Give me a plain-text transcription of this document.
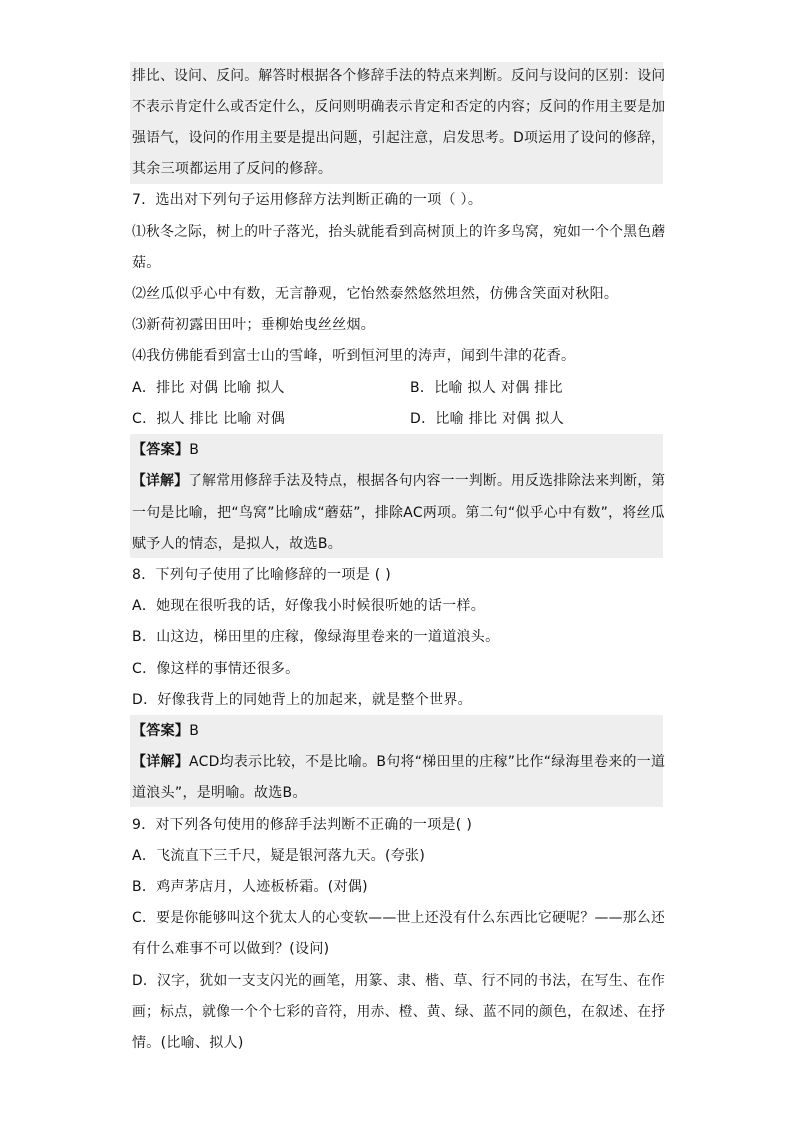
排比、设问、反问。解答时根据各个修辞手法的特点来判断。反问与设问的区别：设问
不表示肯定什么或否定什么，反问则明确表示肯定和否定的内容；反问的作用主要是加
强语气，设问的作用主要是提出问题，引起注意，启发思考。D项运用了设问的修辞，
其余三项都运用了反问的修辞。
7．选出对下列句子运用修辞方法判断正确的一项（ ）。
⑴秋冬之际，树上的叶子落光，抬头就能看到高树顶上的许多鸟窝，宛如一个个黑色蘑
菇。
⑵丝瓜似乎心中有数，无言静观，它怡然泰然悠然坦然，仿佛含笑面对秋阳。
⑶新荷初露田田叶；垂柳始曳丝丝烟。
⑷我仿佛能看到富士山的雪峰，听到恒河里的涛声，闻到牛津的花香。
A．排比 对偶 比喻 拟人	B．比喻 拟人 对偶 排比
C．拟人 排比 比喻 对偶	D．比喻 排比 对偶 拟人
【答案】B
【详解】了解常用修辞手法及特点，根据各句内容一一判断。用反选排除法来判断，第
一句是比喻，把“鸟窝”比喻成“蘑菇”，排除AC两项。第二句“似乎心中有数”，将丝瓜
赋予人的情态，是拟人，故选B。
8．下列句子使用了比喻修辞的一项是 ( )
A．她现在很听我的话，好像我小时候很听她的话一样。
B．山这边，梯田里的庄稼，像绿海里卷来的一道道浪头。
C．像这样的事情还很多。
D．好像我背上的同她背上的加起来，就是整个世界。
【答案】B
【详解】ACD均表示比较，不是比喻。B句将“梯田里的庄稼”比作“绿海里卷来的一道
道浪头”，是明喻。故选B。
9．对下列各句使用的修辞手法判断不正确的一项是( )
A．飞流直下三千尺，疑是银河落九天。(夸张)
B．鸡声茅店月，人迹板桥霜。(对偶)
C．要是你能够叫这个犹太人的心变软——世上还没有什么东西比它硬呢？——那么还
有什么难事不可以做到？(设问)
D．汉字，犹如一支支闪光的画笔，用篆、隶、楷、草、行不同的书法，在写生、在作
画；标点，就像一个个七彩的音符，用赤、橙、黄、绿、蓝不同的颜色，在叙述、在抒
情。(比喻、拟人)
